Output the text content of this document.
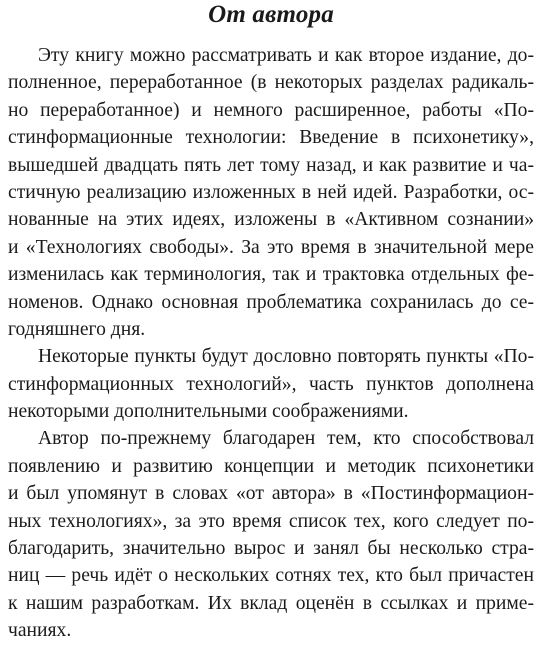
От автора
Эту книгу можно рассматривать и как второе издание, до-
полненное, переработанное (в некоторых разделах радикаль-
но переработанное) и немного расширенное, работы «По-
стинформационные технологии: Введение в психонетику»,
вышедшей двадцать пять лет тому назад, и как развитие и ча-
стичную реализацию изложенных в ней идей. Разработки, ос-
нованные на этих идеях, изложены в «Активном сознании»
и «Технологиях свободы». За это время в значительной мере
изменилась как терминология, так и трактовка отдельных фе-
номенов. Однако основная проблематика сохранилась до се-
годняшнего дня.
Некоторые пункты будут дословно повторять пункты «По-
стинформационных технологий», часть пунктов дополнена
некоторыми дополнительными соображениями.
Автор по-прежнему благодарен тем, кто способствовал
появлению и развитию концепции и методик психонетики
и был упомянут в словах «от автора» в «Постинформацион-
ных технологиях», за это время список тех, кого следует по-
благодарить, значительно вырос и занял бы несколько стра-
ниц — речь идёт о нескольких сотнях тех, кто был причастен
к нашим разработкам. Их вклад оценён в ссылках и приме-
чаниях.
